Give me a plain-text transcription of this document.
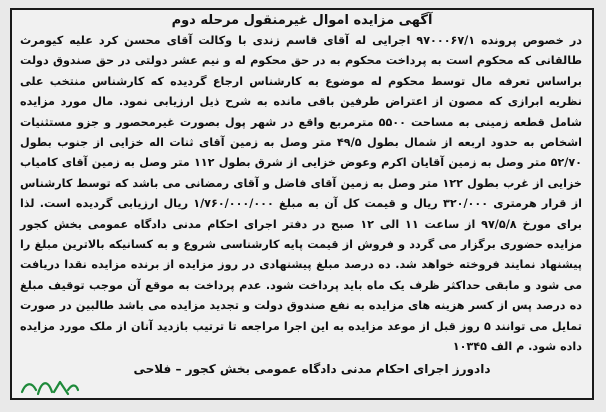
آگهی مزایده اموال غیرمنقول مرحله دوم

در خصوص پرونده ۹۷۰۰۰۶۷/۱ اجرایی له آقای قاسم زندی با وکالت آقای محسن کرد علیه کیومرث طالقانی که محکوم است به پرداخت محکوم به در حق محکوم له و نیم عشر دولتی در حق صندوق دولت براساس تعرفه مال توسط محکوم له موضوع به کارشناس ارجاع گردیده که کارشناس منتخب علی نظریه ابرازی که مصون از اعتراض طرفین باقی مانده به شرح ذیل ارزیابی نمود. مال مورد مزایده شامل قطعه زمینی به مساحت ۵۵۰۰ مترمربع واقع در شهر پول بصورت غیرمحصور و جزو مستثنیات اشخاص به حدود اربعه از شمال بطول ۴۹/۵ متر وصل به زمین آقای ثنات اله خزایی از جنوب بطول ۵۲/۷۰ متر وصل به زمین آقایان اکرم وعوض خزایی از شرق بطول ۱۱۲ متر وصل به زمین آقای کامیاب خزایی از غرب بطول ۱۲۲ متر وصل به زمین آقای فاضل و آقای رمضانی می باشد که توسط کارشناس از قرار هرمتری ۳۲۰/۰۰۰ ریال و قیمت کل آن به مبلغ ۱/۷۶۰/۰۰۰/۰۰۰ ریال ارزیابی گردیده است. لذا برای مورخ ۹۷/۵/۸ از ساعت ۱۱ الی ۱۲ صبح در دفتر اجرای احکام مدنی دادگاه عمومی بخش کجور مزایده حضوری برگزار می گردد و فروش از قیمت پایه کارشناسی شروع و به کسانیکه بالاترین مبلغ را پیشنهاد نمایند فروخته خواهد شد. ده درصد مبلغ پیشنهادی در روز مزایده از برنده مزایده نقدا دریافت می شود و مابقی حداکثر ظرف یک ماه باید پرداخت شود. عدم پرداخت به موقع آن موجب توقیف مبلغ ده درصد پس از کسر هزینه های مزایده به نفع صندوق دولت و تجدید مزایده می باشد طالبین در صورت تمایل می توانند ۵ روز قبل از موعد مزایده به این اجرا مراجعه تا ترتیب بازدید آنان از ملک مورد مزایده داده شود. م الف ۱۰۳۴۵

دادورز اجرای احکام مدنی دادگاه عمومی بخش کجور – فلاحی
